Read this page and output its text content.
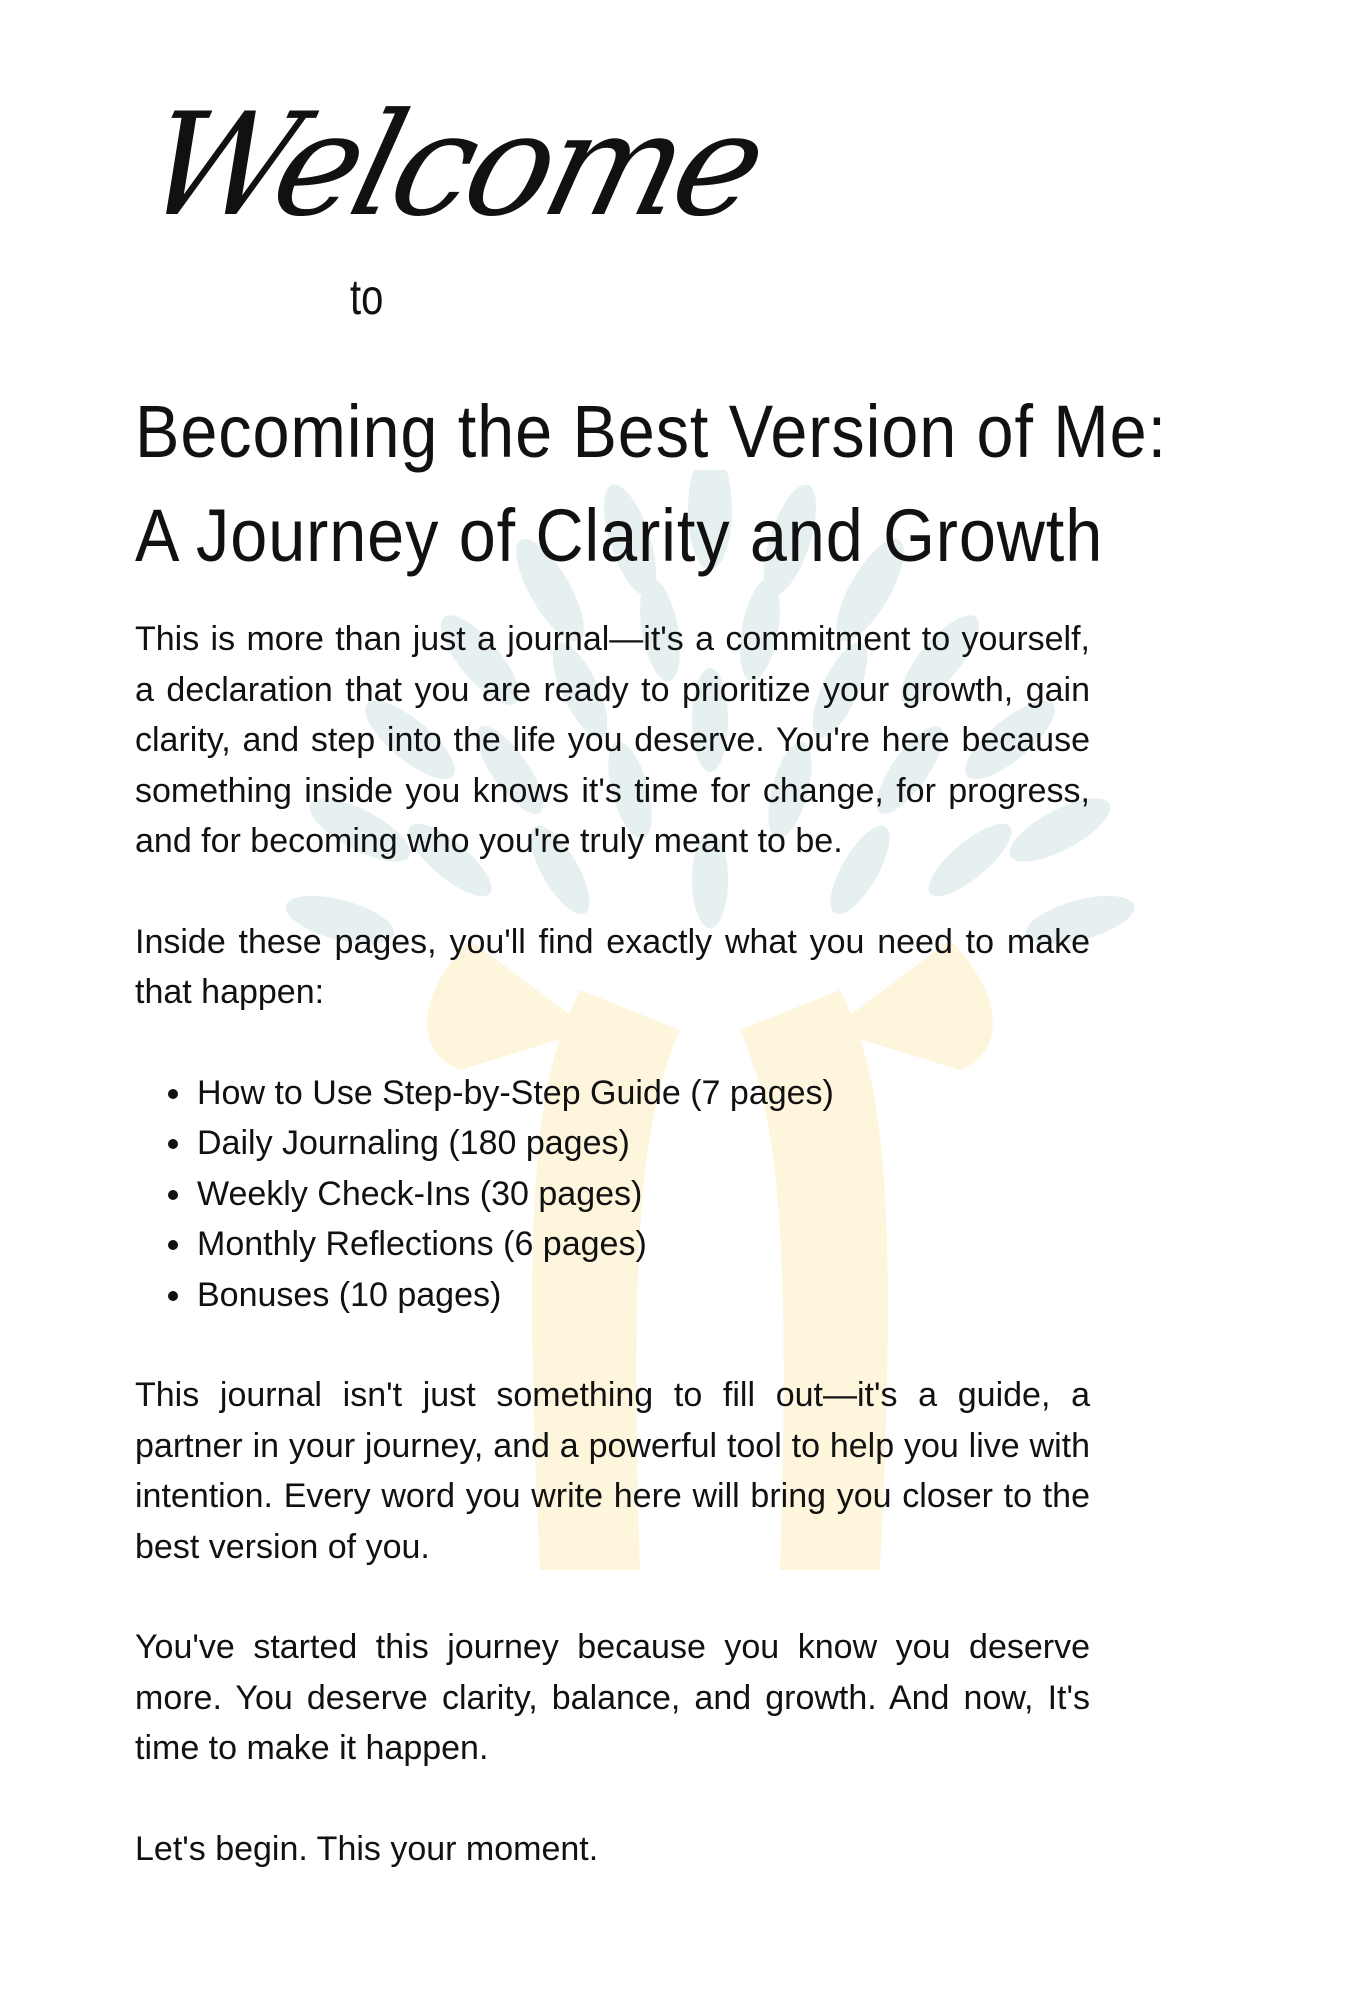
Welcome
to
Becoming the Best Version of Me:
A Journey of Clarity and Growth

This is more than just a journal—it's a commitment to yourself, a declaration that you are ready to prioritize your growth, gain clarity, and step into the life you deserve. You're here because something inside you knows it's time for change, for progress, and for becoming who you're truly meant to be.

Inside these pages, you'll find exactly what you need to make that happen:

• How to Use Step-by-Step Guide (7 pages)
• Daily Journaling (180 pages)
• Weekly Check-Ins (30 pages)
• Monthly Reflections (6 pages)
• Bonuses (10 pages)

This journal isn't just something to fill out—it's a guide, a partner in your journey, and a powerful tool to help you live with intention. Every word you write here will bring you closer to the best version of you.

You've started this journey because you know you deserve more. You deserve clarity, balance, and growth. And now, It's time to make it happen.

Let's begin. This your moment.
